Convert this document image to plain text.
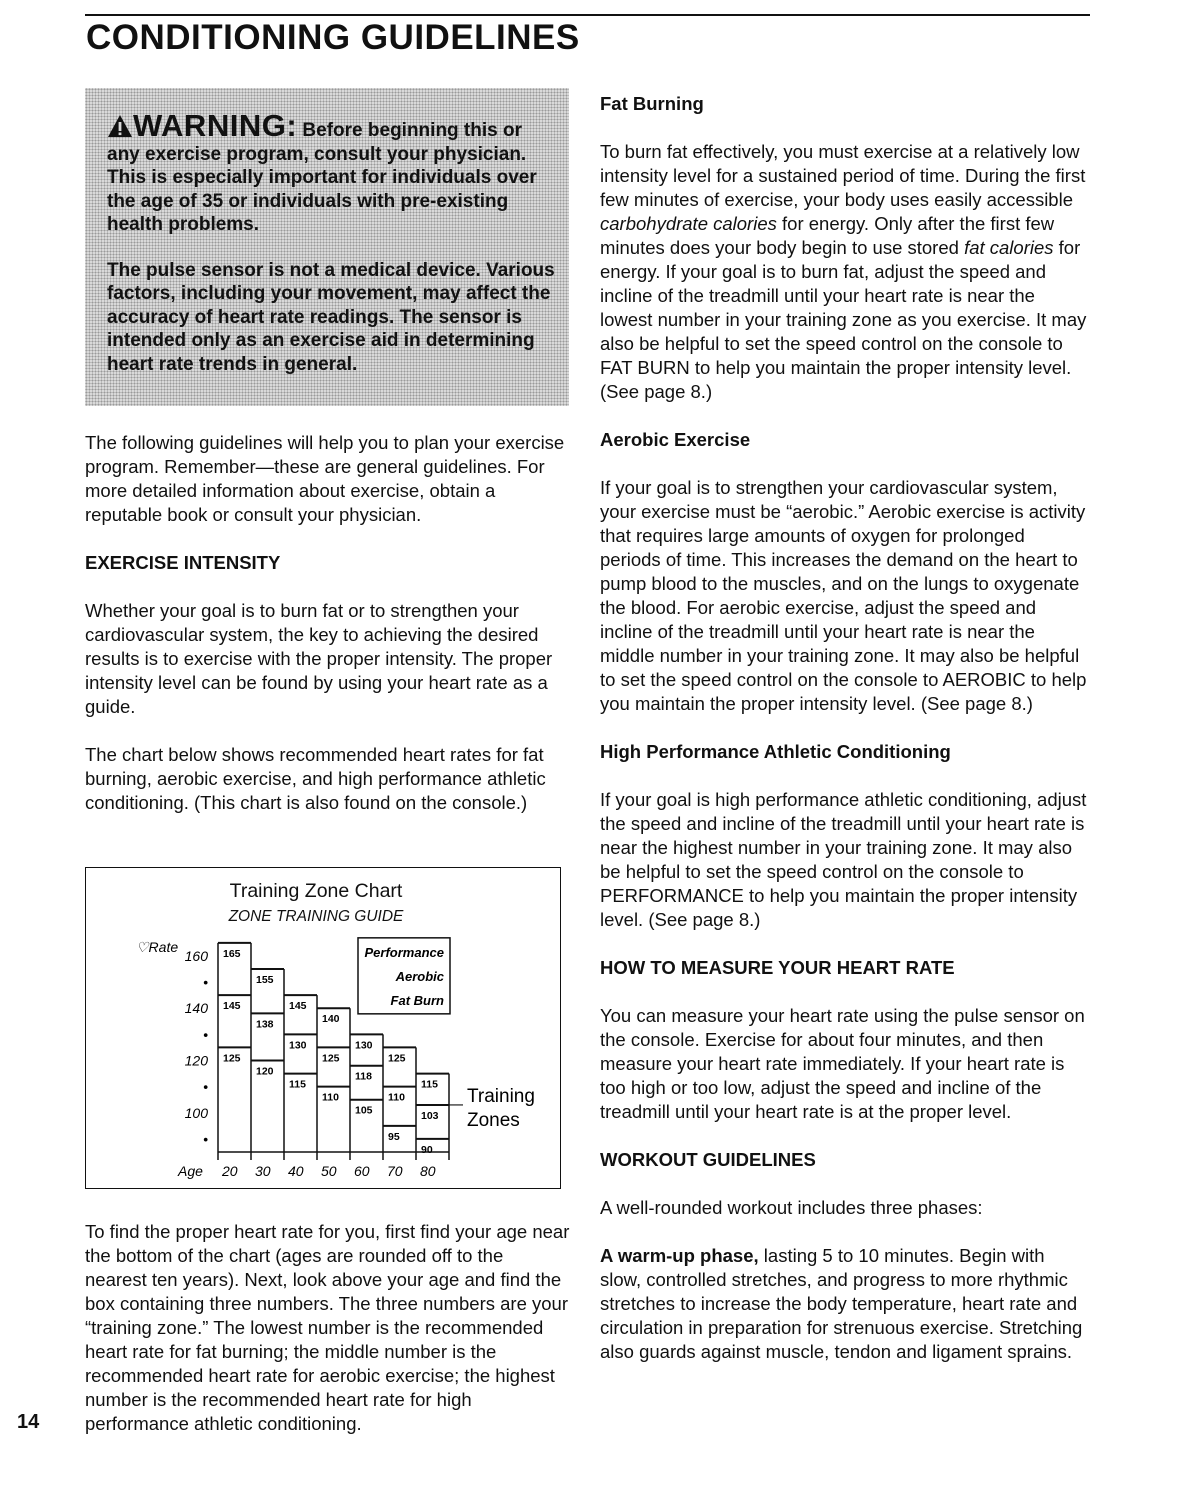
CONDITIONING GUIDELINES

WARNING: Before beginning this or any exercise program, consult your physician. This is especially important for individuals over the age of 35 or individuals with pre-existing health problems.

The pulse sensor is not a medical device. Various factors, including your movement, may affect the accuracy of heart rate readings. The sensor is intended only as an exercise aid in determining heart rate trends in general.

The following guidelines will help you to plan your exercise program. Remember—these are general guidelines. For more detailed information about exercise, obtain a reputable book or consult your physician.

EXERCISE INTENSITY

Whether your goal is to burn fat or to strengthen your cardiovascular system, the key to achieving the desired results is to exercise with the proper intensity. The proper intensity level can be found by using your heart rate as a guide.

The chart below shows recommended heart rates for fat burning, aerobic exercise, and high performance athletic conditioning. (This chart is also found on the console.)

Training Zone Chart
ZONE TRAINING GUIDE
♡Rate
160
•
140
•
120
•
100
•
165
155
145
140
130
125
115
145
138
130
125
118
110
103
125
120
115
110
105
95
90
Age 20 30 40 50 60 70 80
Performance
Aerobic
Fat Burn
Training
Zones

To find the proper heart rate for you, first find your age near the bottom of the chart (ages are rounded off to the nearest ten years). Next, look above your age and find the box containing three numbers. The three numbers are your “training zone.” The lowest number is the recommended heart rate for fat burning; the middle number is the recommended heart rate for aerobic exercise; the highest number is the recommended heart rate for high performance athletic conditioning.

14

Fat Burning

To burn fat effectively, you must exercise at a relatively low intensity level for a sustained period of time. During the first few minutes of exercise, your body uses easily accessible carbohydrate calories for energy. Only after the first few minutes does your body begin to use stored fat calories for energy. If your goal is to burn fat, adjust the speed and incline of the treadmill until your heart rate is near the lowest number in your training zone as you exercise. It may also be helpful to set the speed control on the console to FAT BURN to help you maintain the proper intensity level. (See page 8.)

Aerobic Exercise

If your goal is to strengthen your cardiovascular system, your exercise must be “aerobic.” Aerobic exercise is activity that requires large amounts of oxygen for prolonged periods of time. This increases the demand on the heart to pump blood to the muscles, and on the lungs to oxygenate the blood. For aerobic exercise, adjust the speed and incline of the treadmill until your heart rate is near the middle number in your training zone. It may also be helpful to set the speed control on the console to AEROBIC to help you maintain the proper intensity level. (See page 8.)

High Performance Athletic Conditioning

If your goal is high performance athletic conditioning, adjust the speed and incline of the treadmill until your heart rate is near the highest number in your training zone. It may also be helpful to set the speed control on the console to PERFORMANCE to help you maintain the proper intensity level. (See page 8.)

HOW TO MEASURE YOUR HEART RATE

You can measure your heart rate using the pulse sensor on the console. Exercise for about four minutes, and then measure your heart rate immediately. If your heart rate is too high or too low, adjust the speed and incline of the treadmill until your heart rate is at the proper level.

WORKOUT GUIDELINES

A well-rounded workout includes three phases:

A warm-up phase, lasting 5 to 10 minutes. Begin with slow, controlled stretches, and progress to more rhythmic stretches to increase the body temperature, heart rate and circulation in preparation for strenuous exercise. Stretching also guards against muscle, tendon and ligament sprains.
